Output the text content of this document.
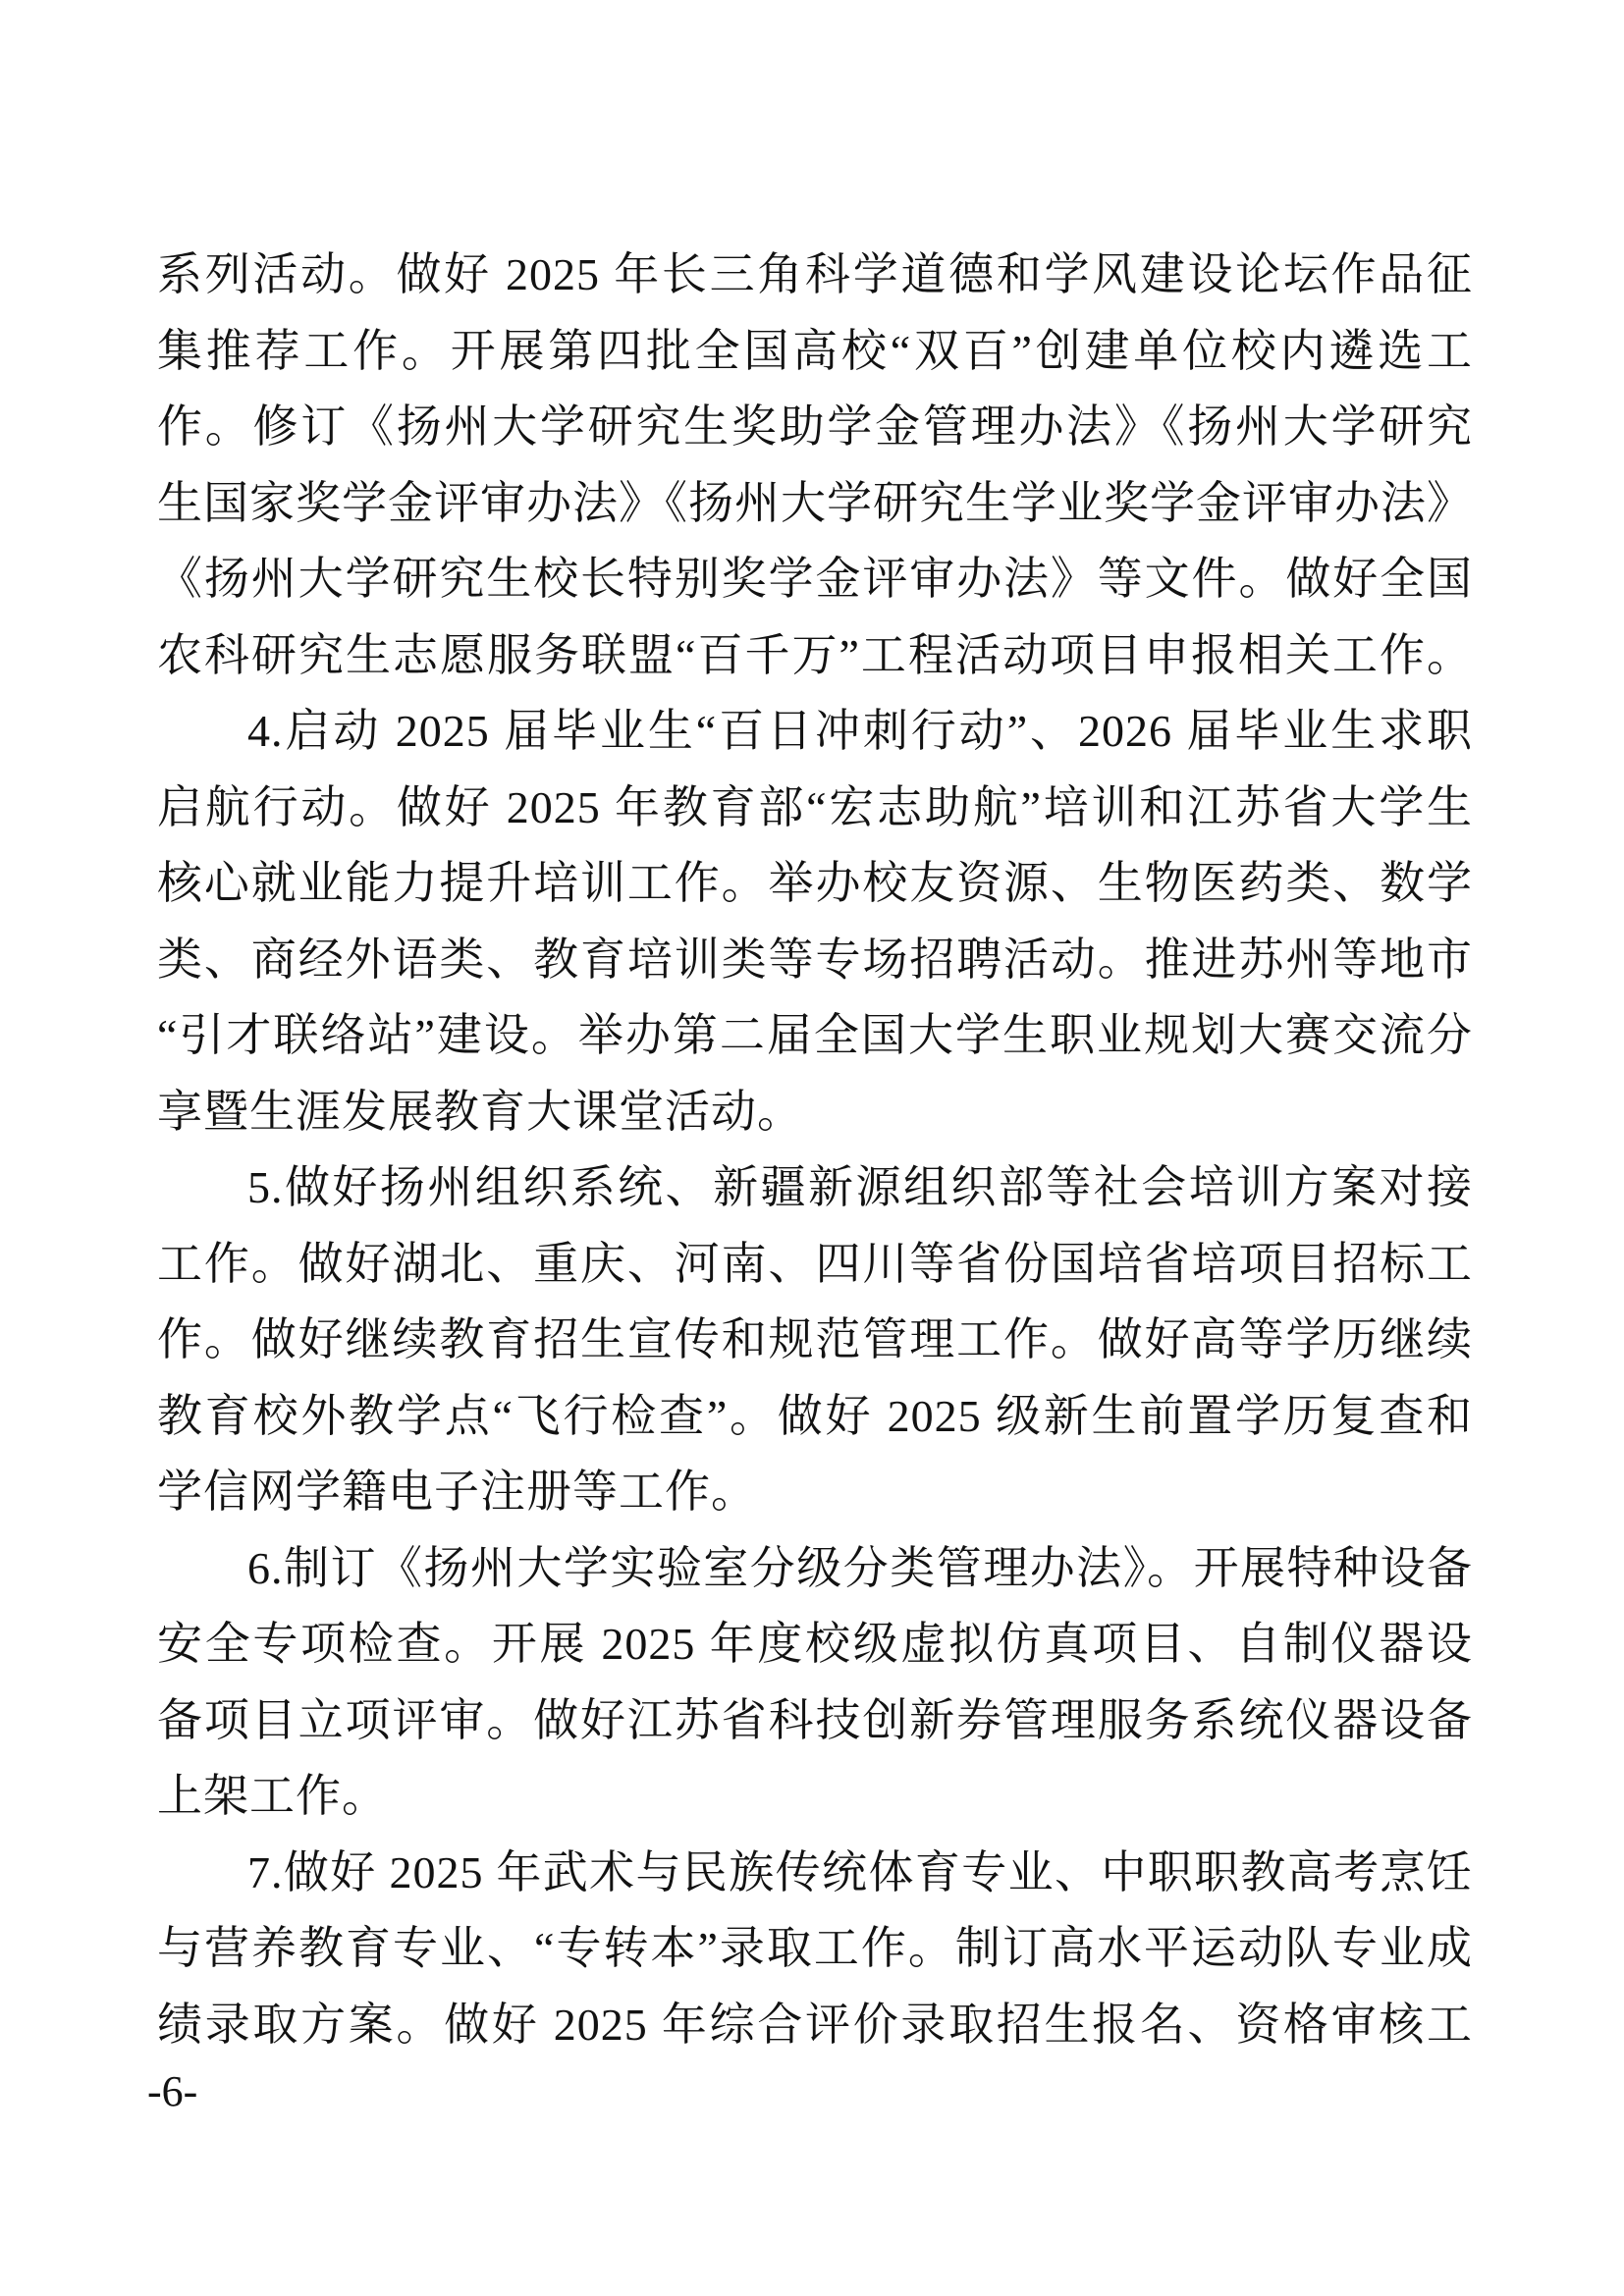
系列活动。做好 2025 年长三角科学道德和学风建设论坛作品征
集推荐工作。开展第四批全国高校“双百”创建单位校内遴选工
作。修订《扬州大学研究生奖助学金管理办法》《扬州大学研究
生国家奖学金评审办法》《扬州大学研究生学业奖学金评审办法》
《扬州大学研究生校长特别奖学金评审办法》等文件。做好全国
农科研究生志愿服务联盟“百千万”工程活动项目申报相关工作。
4.启动 2025 届毕业生“百日冲刺行动”、2026 届毕业生求职
启航行动。做好 2025 年教育部“宏志助航”培训和江苏省大学生
核心就业能力提升培训工作。举办校友资源、生物医药类、数学
类、商经外语类、教育培训类等专场招聘活动。推进苏州等地市
“引才联络站”建设。举办第二届全国大学生职业规划大赛交流分
享暨生涯发展教育大课堂活动。
5.做好扬州组织系统、新疆新源组织部等社会培训方案对接
工作。做好湖北、重庆、河南、四川等省份国培省培项目招标工
作。做好继续教育招生宣传和规范管理工作。做好高等学历继续
教育校外教学点“飞行检查”。做好 2025 级新生前置学历复查和
学信网学籍电子注册等工作。
6.制订《扬州大学实验室分级分类管理办法》。开展特种设备
安全专项检查。开展 2025 年度校级虚拟仿真项目、自制仪器设
备项目立项评审。做好江苏省科技创新券管理服务系统仪器设备
上架工作。
7.做好 2025 年武术与民族传统体育专业、中职职教高考烹饪
与营养教育专业、“专转本”录取工作。制订高水平运动队专业成
绩录取方案。做好 2025 年综合评价录取招生报名、资格审核工
-6-
